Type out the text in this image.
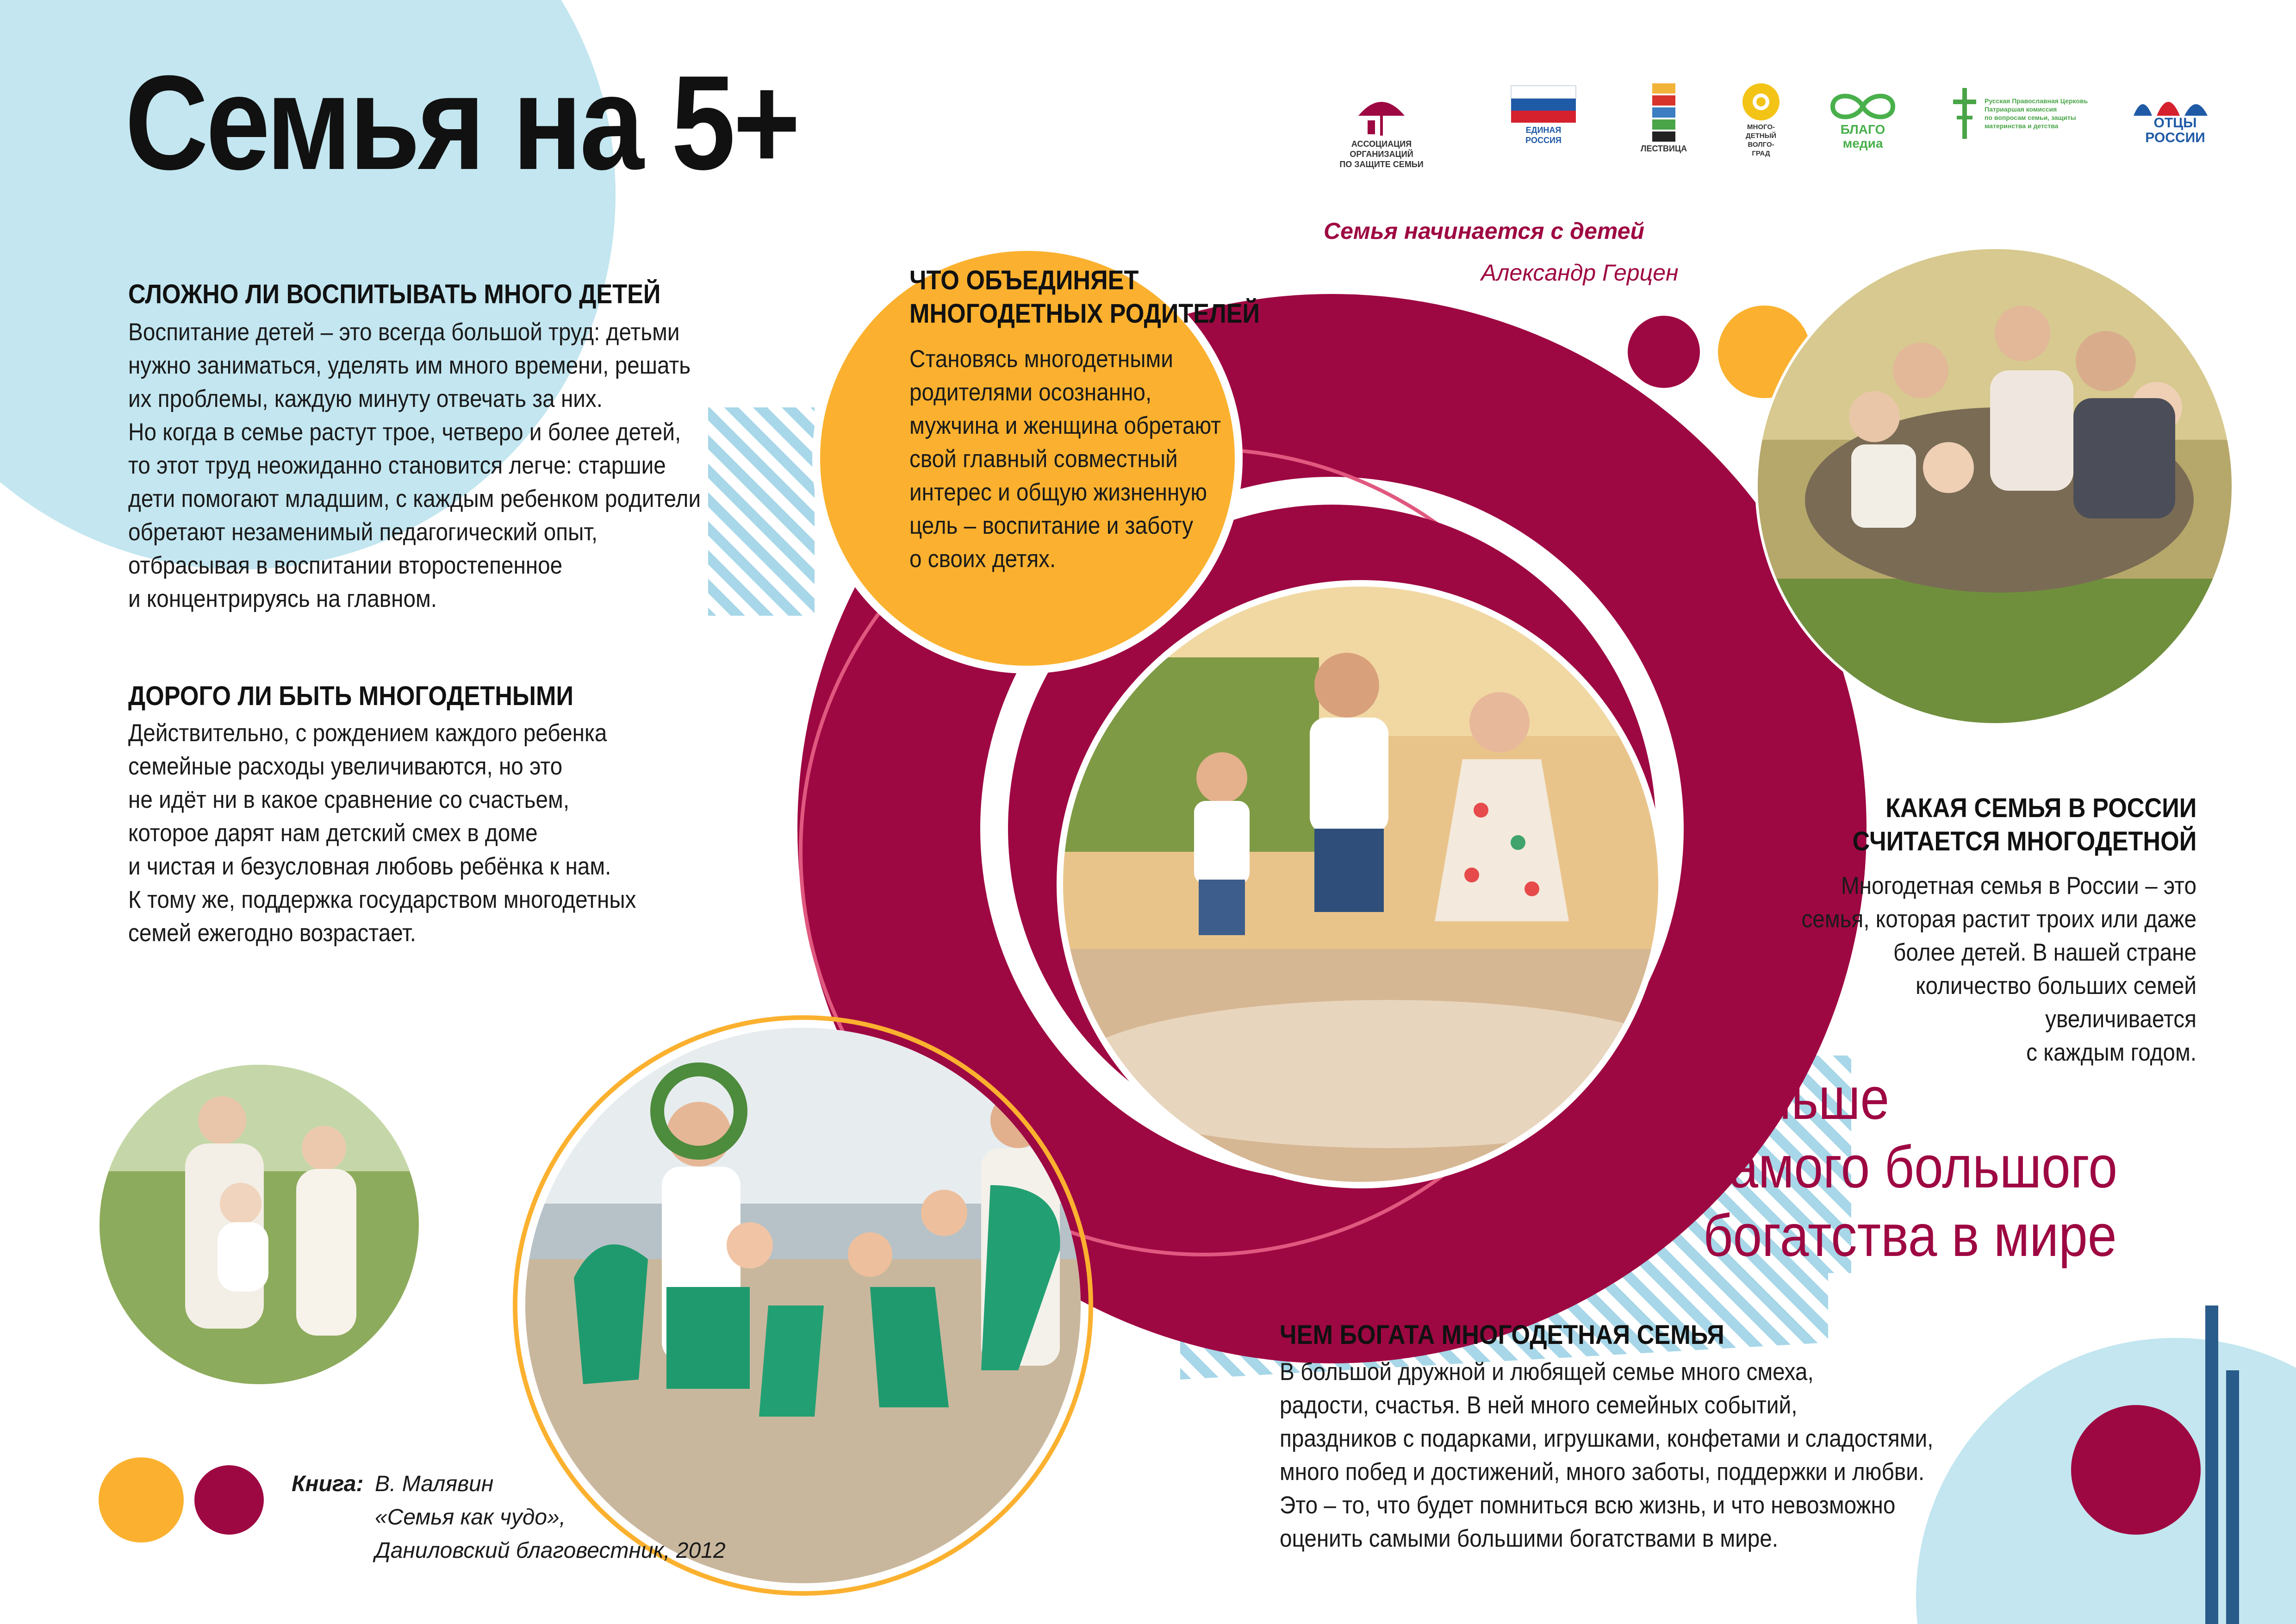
Семья на 5+	АССОЦИАЦИЯ
ОРГАНИЗАЦИЙ
ПО ЗАЩИТЕ СЕМЬИ
ЕДИНАЯ
РОССИЯ
ЛЕСТВИЦА
МНОГО-
ДЕТНЫЙ
ВОЛГО-
ГРАД
БЛАГО
медиа
Русская Православная Церковь
Патриаршая комиссия
по вопросам семьи, защиты
материнства и детства	ОТЦЫ
РОССИИ
Семья начинается с детей
Александр Герцен
СЛОЖНО ЛИ ВОСПИТЫВАТЬ МНОГО ДЕТЕЙ
Воспитание детей – это всегда большой труд: детьми
нужно заниматься, уделять им много времени, решать
их проблемы, каждую минуту отвечать за них.
Но когда в семье растут трое, четверо и более детей,
то этот труд неожиданно становится легче: старшие
дети помогают младшим, с каждым ребенком родители
обретают незаменимый педагогический опыт,
отбрасывая в воспитании второстепенное
и концентрируясь на главном.
ДОРОГО ЛИ БЫТЬ МНОГОДЕТНЫМИ
Действительно, с рождением каждого ребенка
семейные расходы увеличиваются, но это
не идёт ни в какое сравнение со счастьем,
которое дарят нам детский смех в доме
и чистая и безусловная любовь ребёнка к нам.
К тому же, поддержка государством многодетных
семей ежегодно возрастает.
ЧТО ОБЪЕДИНЯЕТ
МНОГОДЕТНЫХ РОДИТЕЛЕЙ
Становясь многодетными
родителями осознанно,
мужчина и женщина обретают
свой главный совместный
интерес и общую жизненную
цель – воспитание и заботу
о своих детях.
КАКАЯ СЕМЬЯ В РОССИИ
СЧИТАЕТСЯ МНОГОДЕТНОЙ
Многодетная семья в России – это
семья, которая растит троих или даже
более детей. В нашей стране
количество больших семей
увеличивается
с каждым годом.
больше
самого большого
богатства в мире
ЧЕМ БОГАТА МНОГОДЕТНАЯ СЕМЬЯ
В большой дружной и любящей семье много смеха,
радости, счастья. В ней много семейных событий,
праздников с подарками, игрушками, конфетами и сладостями,
много побед и достижений, много заботы, поддержки и любви.
Это – то, что будет помниться всю жизнь, и что невозможно
оценить самыми большими богатствами в мире.
Книга: В. Малявин
«Семья как чудо»,
Даниловский благовестник, 2012
